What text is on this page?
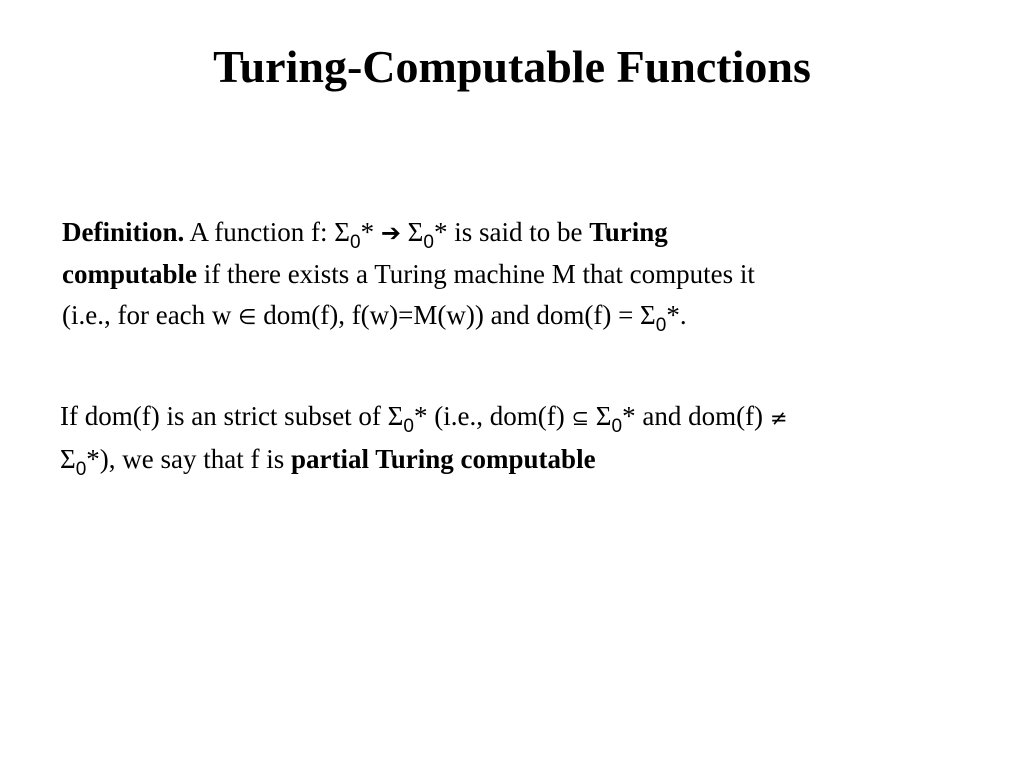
Turing-Computable Functions

Definition. A function f: $\Sigma_0*$ ➔ $\Sigma_0*$ is said to be Turing
computable if there exists a Turing machine M that computes it
(i.e., for each w ∈ dom(f), f(w)=M(w)) and $dom(f) = \Sigma_0*$.

If dom(f) is an strict subset of $\Sigma_0*$ (i.e., dom(f) ⊆ $\Sigma_0*$ and dom(f) ≠
$\Sigma_0*$), we say that f is partial Turing computable
